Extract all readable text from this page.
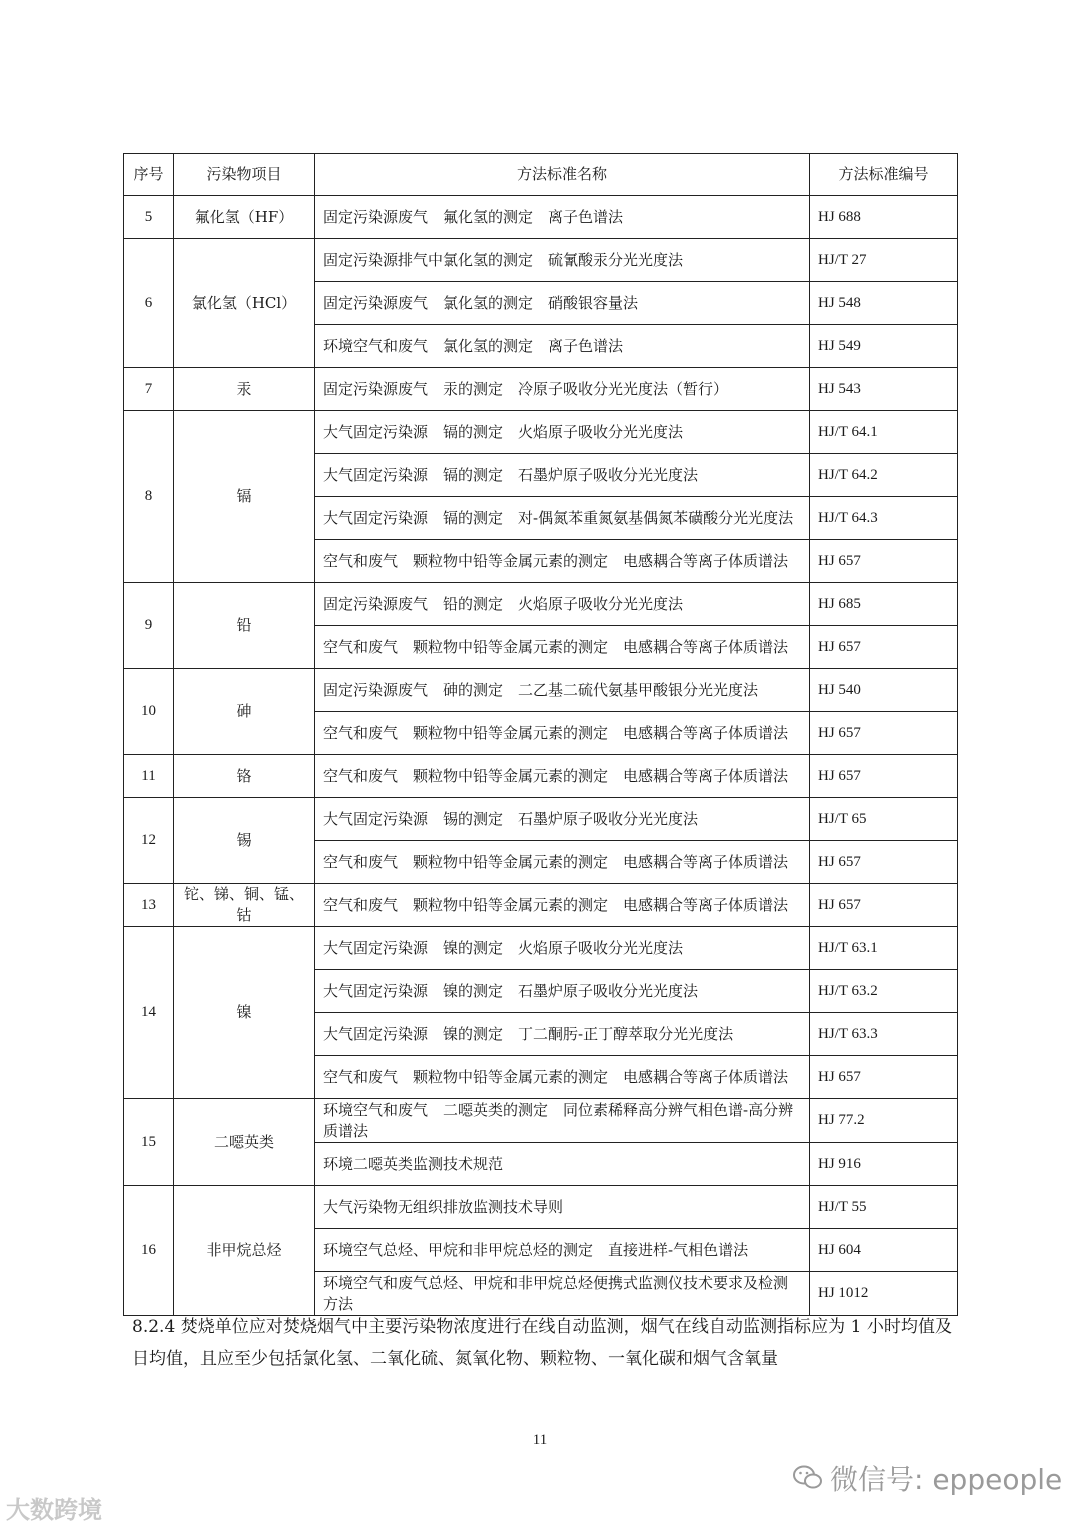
序号	污染物项目	方法标准名称	方法标准编号
5	氟化氢（HF）	固定污染源废气　氟化氢的测定　离子色谱法	HJ 688
6	氯化氢（HCl）	固定污染源排气中氯化氢的测定　硫氰酸汞分光光度法	HJ/T 27
		固定污染源废气　氯化氢的测定　硝酸银容量法	HJ 548
		环境空气和废气　氯化氢的测定　离子色谱法	HJ 549
7	汞	固定污染源废气　汞的测定　冷原子吸收分光光度法（暂行）	HJ 543
8	镉	大气固定污染源　镉的测定　火焰原子吸收分光光度法	HJ/T 64.1
		大气固定污染源　镉的测定　石墨炉原子吸收分光光度法	HJ/T 64.2
		大气固定污染源　镉的测定　对-偶氮苯重氮氨基偶氮苯磺酸分光光度法	HJ/T 64.3
		空气和废气　颗粒物中铅等金属元素的测定　电感耦合等离子体质谱法	HJ 657
9	铅	固定污染源废气　铅的测定　火焰原子吸收分光光度法	HJ 685
		空气和废气　颗粒物中铅等金属元素的测定　电感耦合等离子体质谱法	HJ 657
10	砷	固定污染源废气　砷的测定　二乙基二硫代氨基甲酸银分光光度法	HJ 540
		空气和废气　颗粒物中铅等金属元素的测定　电感耦合等离子体质谱法	HJ 657
11	铬	空气和废气　颗粒物中铅等金属元素的测定　电感耦合等离子体质谱法	HJ 657
12	锡	大气固定污染源　锡的测定　石墨炉原子吸收分光光度法	HJ/T 65
		空气和废气　颗粒物中铅等金属元素的测定　电感耦合等离子体质谱法	HJ 657
13	铊、锑、铜、锰、钴	空气和废气　颗粒物中铅等金属元素的测定　电感耦合等离子体质谱法	HJ 657
14	镍	大气固定污染源　镍的测定　火焰原子吸收分光光度法	HJ/T 63.1
		大气固定污染源　镍的测定　石墨炉原子吸收分光光度法	HJ/T 63.2
		大气固定污染源　镍的测定　丁二酮肟-正丁醇萃取分光光度法	HJ/T 63.3
		空气和废气　颗粒物中铅等金属元素的测定　电感耦合等离子体质谱法	HJ 657
15	二噁英类	环境空气和废气　二噁英类的测定　同位素稀释高分辨气相色谱-高分辨质谱法	HJ 77.2
		环境二噁英类监测技术规范	HJ 916
16	非甲烷总烃	大气污染物无组织排放监测技术导则	HJ/T 55
		环境空气总烃、甲烷和非甲烷总烃的测定　直接进样-气相色谱法	HJ 604
		环境空气和废气总烃、甲烷和非甲烷总烃便携式监测仪技术要求及检测方法	HJ 1012
8.2.4 焚烧单位应对焚烧烟气中主要污染物浓度进行在线自动监测，烟气在线自动监测指标应为 1 小时均值及日均值，且应至少包括氯化氢、二氧化硫、氮氧化物、颗粒物、一氧化碳和烟气含氧量
11
大数跨境
微信号: eppeople
